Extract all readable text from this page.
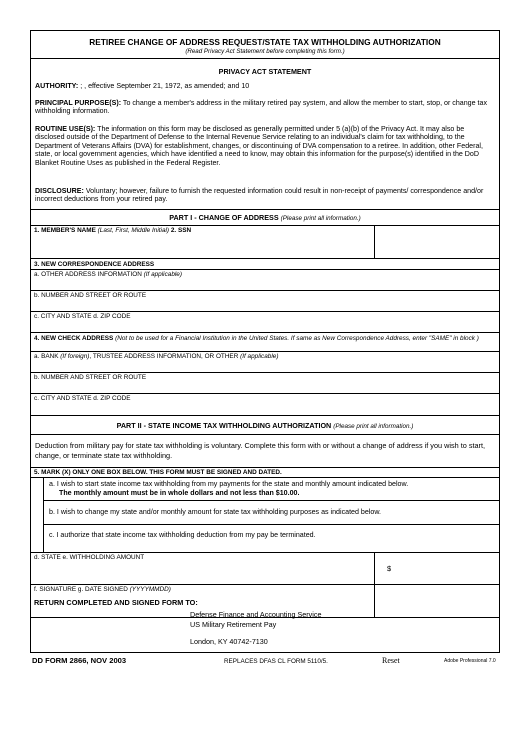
RETIREE CHANGE OF ADDRESS REQUEST/STATE TAX WITHHOLDING AUTHORIZATION
(Read Privacy Act Statement before completing this form.)
PRIVACY ACT STATEMENT
AUTHORITY: ; , effective September 21, 1972, as amended; and 10
PRINCIPAL PURPOSE(S): To change a member's address in the military retired pay system, and allow the member to start, stop, or change tax withholding information.
ROUTINE USE(S): The information on this form may be disclosed as generally permitted under 5 (a)(b) of the Privacy Act. It may also be disclosed outside of the Department of Defense to the Internal Revenue Service relating to an individual's claim for tax withholding, to the Department of Veterans Affairs (DVA) for establishment, changes, or discontinuing of DVA compensation to a retiree. In addition, other Federal, state, or local government agencies, which have identified a need to know, may obtain this information for the purpose(s) identified in the DoD Blanket Routine Uses as published in the Federal Register.
DISCLOSURE: Voluntary; however, failure to furnish the requested information could result in non-receipt of payments/ correspondence and/or incorrect deductions from your retired pay.
PART I - CHANGE OF ADDRESS (Please print all information.)
1. MEMBER'S NAME (Last, First, Middle Initial) 2. SSN
3. NEW CORRESPONDENCE ADDRESS
a. OTHER ADDRESS INFORMATION (If applicable)
b. NUMBER AND STREET OR ROUTE
c. CITY AND STATE d. ZIP CODE
4. NEW CHECK ADDRESS (Not to be used for a Financial Institution in the United States. If same as New Correspondence Address, enter "SAME" in block )
a. BANK (If foreign), TRUSTEE ADDRESS INFORMATION, OR OTHER (If applicable)
b. NUMBER AND STREET OR ROUTE
c. CITY AND STATE d. ZIP CODE
PART II - STATE INCOME TAX WITHHOLDING AUTHORIZATION (Please print all information.)
Deduction from military pay for state tax withholding is voluntary. Complete this form with or without a change of address if you wish to start, change, or terminate state tax withholding.
5. MARK (X) ONLY ONE BOX BELOW. THIS FORM MUST BE SIGNED AND DATED.
a. I wish to start state income tax withholding from my payments for the state and monthly amount indicated below.
The monthly amount must be in whole dollars and not less than $10.00.
b. I wish to change my state and/or monthly amount for state tax withholding purposes as indicated below.
c. I authorize that state income tax withholding deduction from my pay be terminated.
d. STATE e. WITHHOLDING AMOUNT
$
f. SIGNATURE g. DATE SIGNED (YYYYMMDD)
RETURN COMPLETED AND SIGNED FORM TO:
Defense Finance and Accounting Service
US Military Retirement Pay
London, KY 40742-7130
DD FORM 2866, NOV 2003	REPLACES DFAS CL FORM 5110/5.	Reset	Adobe Professional 7.0
